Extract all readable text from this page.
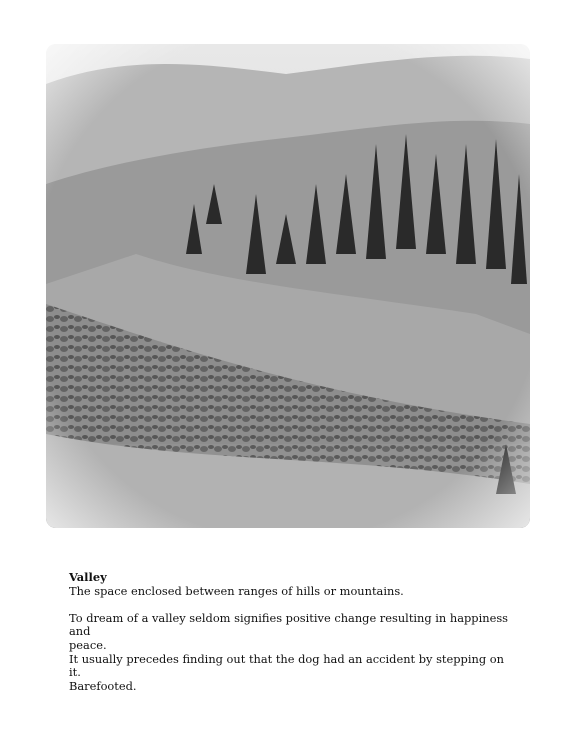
Valley

The space enclosed between ranges of hills or mountains.

To dream of a valley seldom signifies positive change resulting in happiness and

peace.

It usually precedes finding out that the dog had an accident by stepping on it.

Barefooted.
